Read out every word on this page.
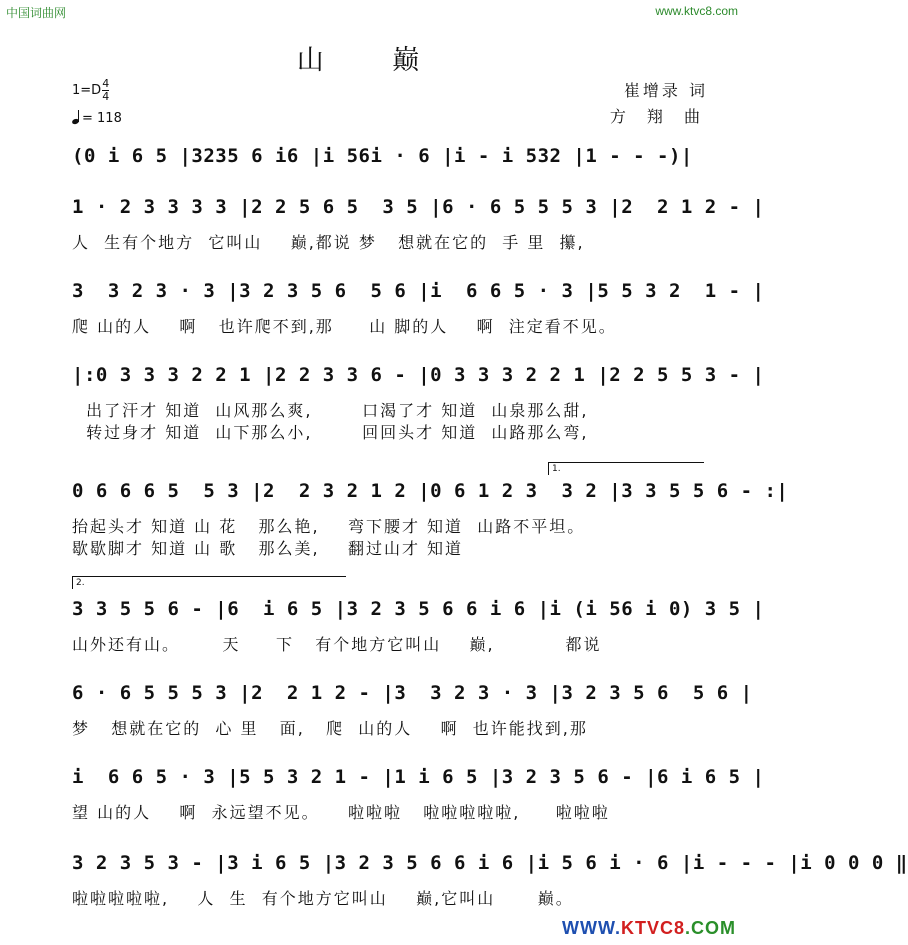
中国词曲网	www.ktvc8.com
山 巅
$1=D \frac{4}{4}$
= 118
崔增录 词
方 翔 曲
(0 i 6 5 |3235 6 i6 |i 56i · 6 |i - i 532 |1 - - -)|
1 · 2 3 3 3 3 |2 2 5 6 5  3 5 |6 · 6 5 5 5 3 |2  2 1 2 - |
人  生有个地方  它叫山    巅,都说 梦   想就在它的  手 里  攥,
3  3 2 3 · 3 |3 2 3 5 6  5 6 |i  6 6 5 · 3 |5 5 3 2  1 - |
爬 山的人    啊   也许爬不到,那     山 脚的人    啊  注定看不见。
|:0 3 3 3 2 2 1 |2 2 3 3 6 - |0 3 3 3 2 2 1 |2 2 5 5 3 - |
出了汗才 知道  山风那么爽,       口渴了才 知道  山泉那么甜,
转过身才 知道  山下那么小,       回回头才 知道  山路那么弯,
1.
0 6 6 6 5  5 3 |2  2 3 2 1 2 |0 6 1 2 3  3 2 |3 3 5 5 6 - :|
抬起头才 知道 山 花   那么艳,    弯下腰才 知道  山路不平坦。
歇歇脚才 知道 山 歌   那么美,    翻过山才 知道
2.
3 3 5 5 6 - |6  i 6 5 |3 2 3 5 6 6 i 6 |i (i 56 i 0) 3 5 |
山外还有山。      天     下   有个地方它叫山    巅,          都说
6 · 6 5 5 5 3 |2  2 1 2 - |3  3 2 3 · 3 |3 2 3 5 6  5 6 |
梦   想就在它的  心 里   面,   爬  山的人    啊  也许能找到,那
i  6 6 5 · 3 |5 5 3 2 1 - |1 i 6 5 |3 2 3 5 6 - |6 i 6 5 |
望 山的人    啊  永远望不见。    啦啦啦   啦啦啦啦啦,     啦啦啦
3 2 3 5 3 - |3 i 6 5 |3 2 3 5 6 6 i 6 |i 5 6 i · 6 |i - - - |i 0 0 0 ‖
啦啦啦啦啦,    人  生  有个地方它叫山    巅,它叫山      巅。
WWW.KTVC8.COM
